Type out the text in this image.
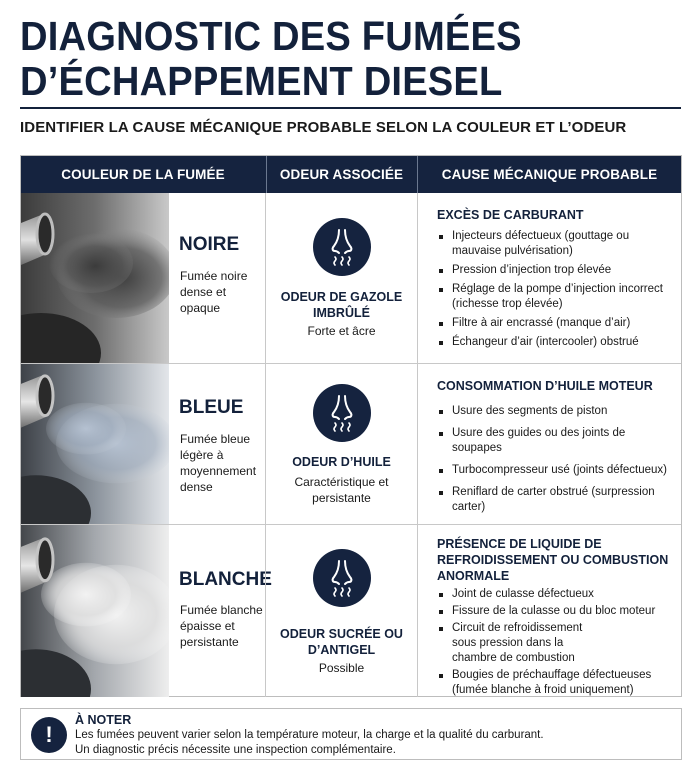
DIAGNOSTIC DES FUMÉES
D’ÉCHAPPEMENT DIESEL
IDENTIFIER LA CAUSE MÉCANIQUE PROBABLE SELON LA COULEUR ET L’ODEUR
COULEUR DE LA FUMÉE	ODEUR ASSOCIÉE	CAUSE MÉCANIQUE PROBABLE
NOIRE
Fumée noire dense et opaque
ODEUR DE GAZOLE IMBRÛLÉ
Forte et âcre
EXCÈS DE CARBURANT
Injecteurs défectueux (gouttage ou mauvaise pulvérisation)
Pression d’injection trop élevée
Réglage de la pompe d’injection incorrect (richesse trop élevée)
Filtre à air encrassé (manque d’air)
Échangeur d’air (intercooler) obstrué
BLEUE
Fumée bleue légère à moyennement dense
ODEUR D’HUILE
Caractéristique et persistante
CONSOMMATION D’HUILE MOTEUR
Usure des segments de piston
Usure des guides ou des joints de soupapes
Turbocompresseur usé (joints défectueux)
Reniflard de carter obstrué (surpression carter)
BLANCHE
Fumée blanche épaisse et persistante
ODEUR SUCRÉE OU D’ANTIGEL
Possible
PRÉSENCE DE LIQUIDE DE REFROIDISSEMENT OU COMBUSTION ANORMALE
Joint de culasse défectueux
Fissure de la culasse ou du bloc moteur
Circuit de refroidissement sous pression dans la chambre de combustion
Bougies de préchauffage défectueuses (fumée blanche à froid uniquement)
!
À NOTER
Les fumées peuvent varier selon la température moteur, la charge et la qualité du carburant.
Un diagnostic précis nécessite une inspection complémentaire.
